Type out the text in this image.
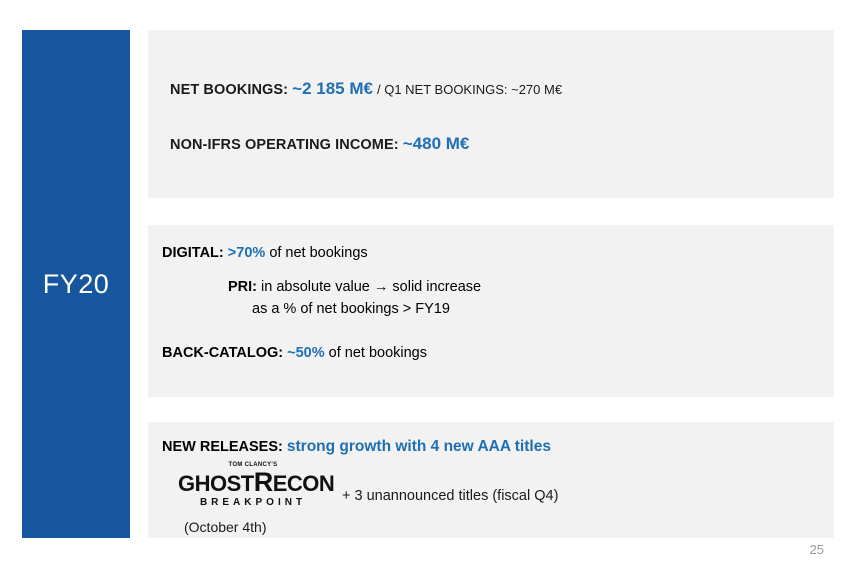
FY20
NET BOOKINGS: ~2 185 M€ / Q1 NET BOOKINGS: ~270 M€
NON-IFRS OPERATING INCOME: ~480 M€
DIGITAL: >70% of net bookings
PRI: in absolute value → solid increase
as a % of net bookings > FY19
BACK-CATALOG: ~50% of net bookings
NEW RELEASES: strong growth with 4 new AAA titles
TOM CLANCY'S
GHOSTRECON
BREAKPOINT
(October 4th)
+ 3 unannounced titles (fiscal Q4)
25
